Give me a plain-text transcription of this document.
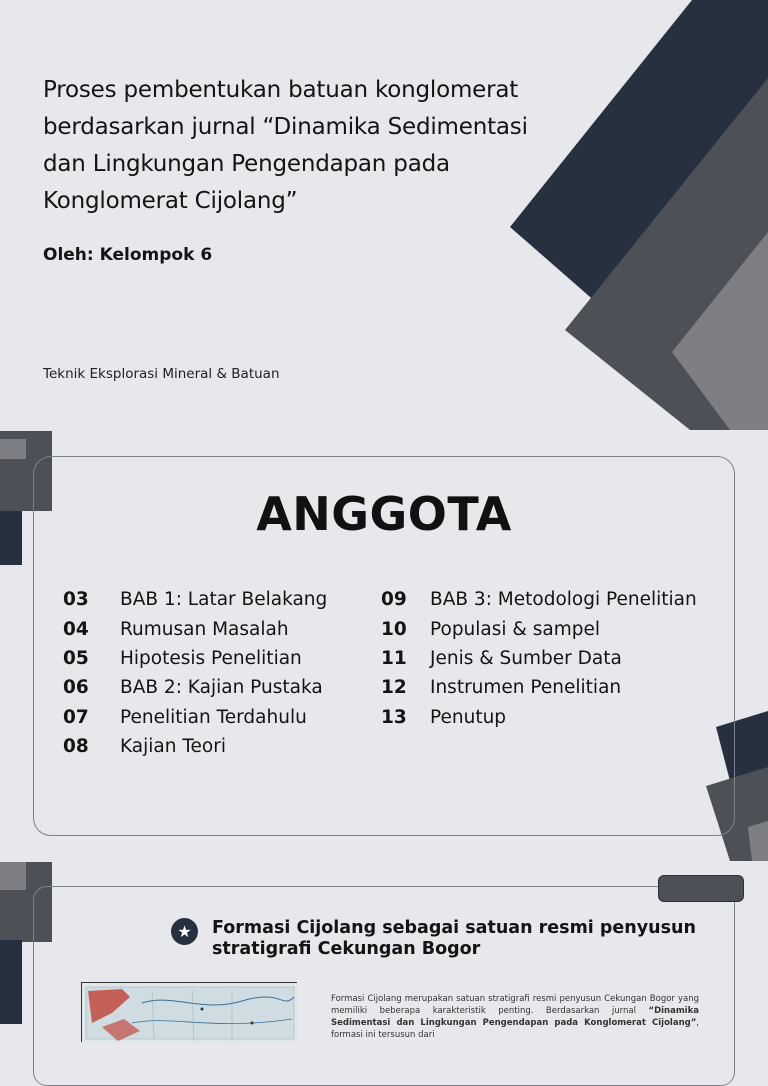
Proses pembentukan batuan konglomerat berdasarkan jurnal “Dinamika Sedimentasi dan Lingkungan Pengendapan pada Konglomerat Cijolang”
Oleh: Kelompok 6
Teknik Eksplorasi Mineral & Batuan
ANGGOTA
03	BAB 1: Latar Belakang
04	Rumusan Masalah
05	Hipotesis Penelitian
06	BAB 2: Kajian Pustaka
07	Penelitian Terdahulu
08	Kajian Teori
09	BAB 3: Metodologi Penelitian
10	Populasi & sampel
11	Jenis & Sumber Data
12	Instrumen Penelitian
13	Penutup
★	Formasi Cijolang sebagai satuan resmi penyusun stratigrafi Cekungan Bogor

Formasi Cijolang merupakan satuan stratigrafi resmi penyusun Cekungan Bogor yang memiliki beberapa karakteristik penting. Berdasarkan jurnal “Dinamika Sedimentasi dan Lingkungan Pengendapan pada Konglomerat Cijolang”, formasi ini tersusun dari
